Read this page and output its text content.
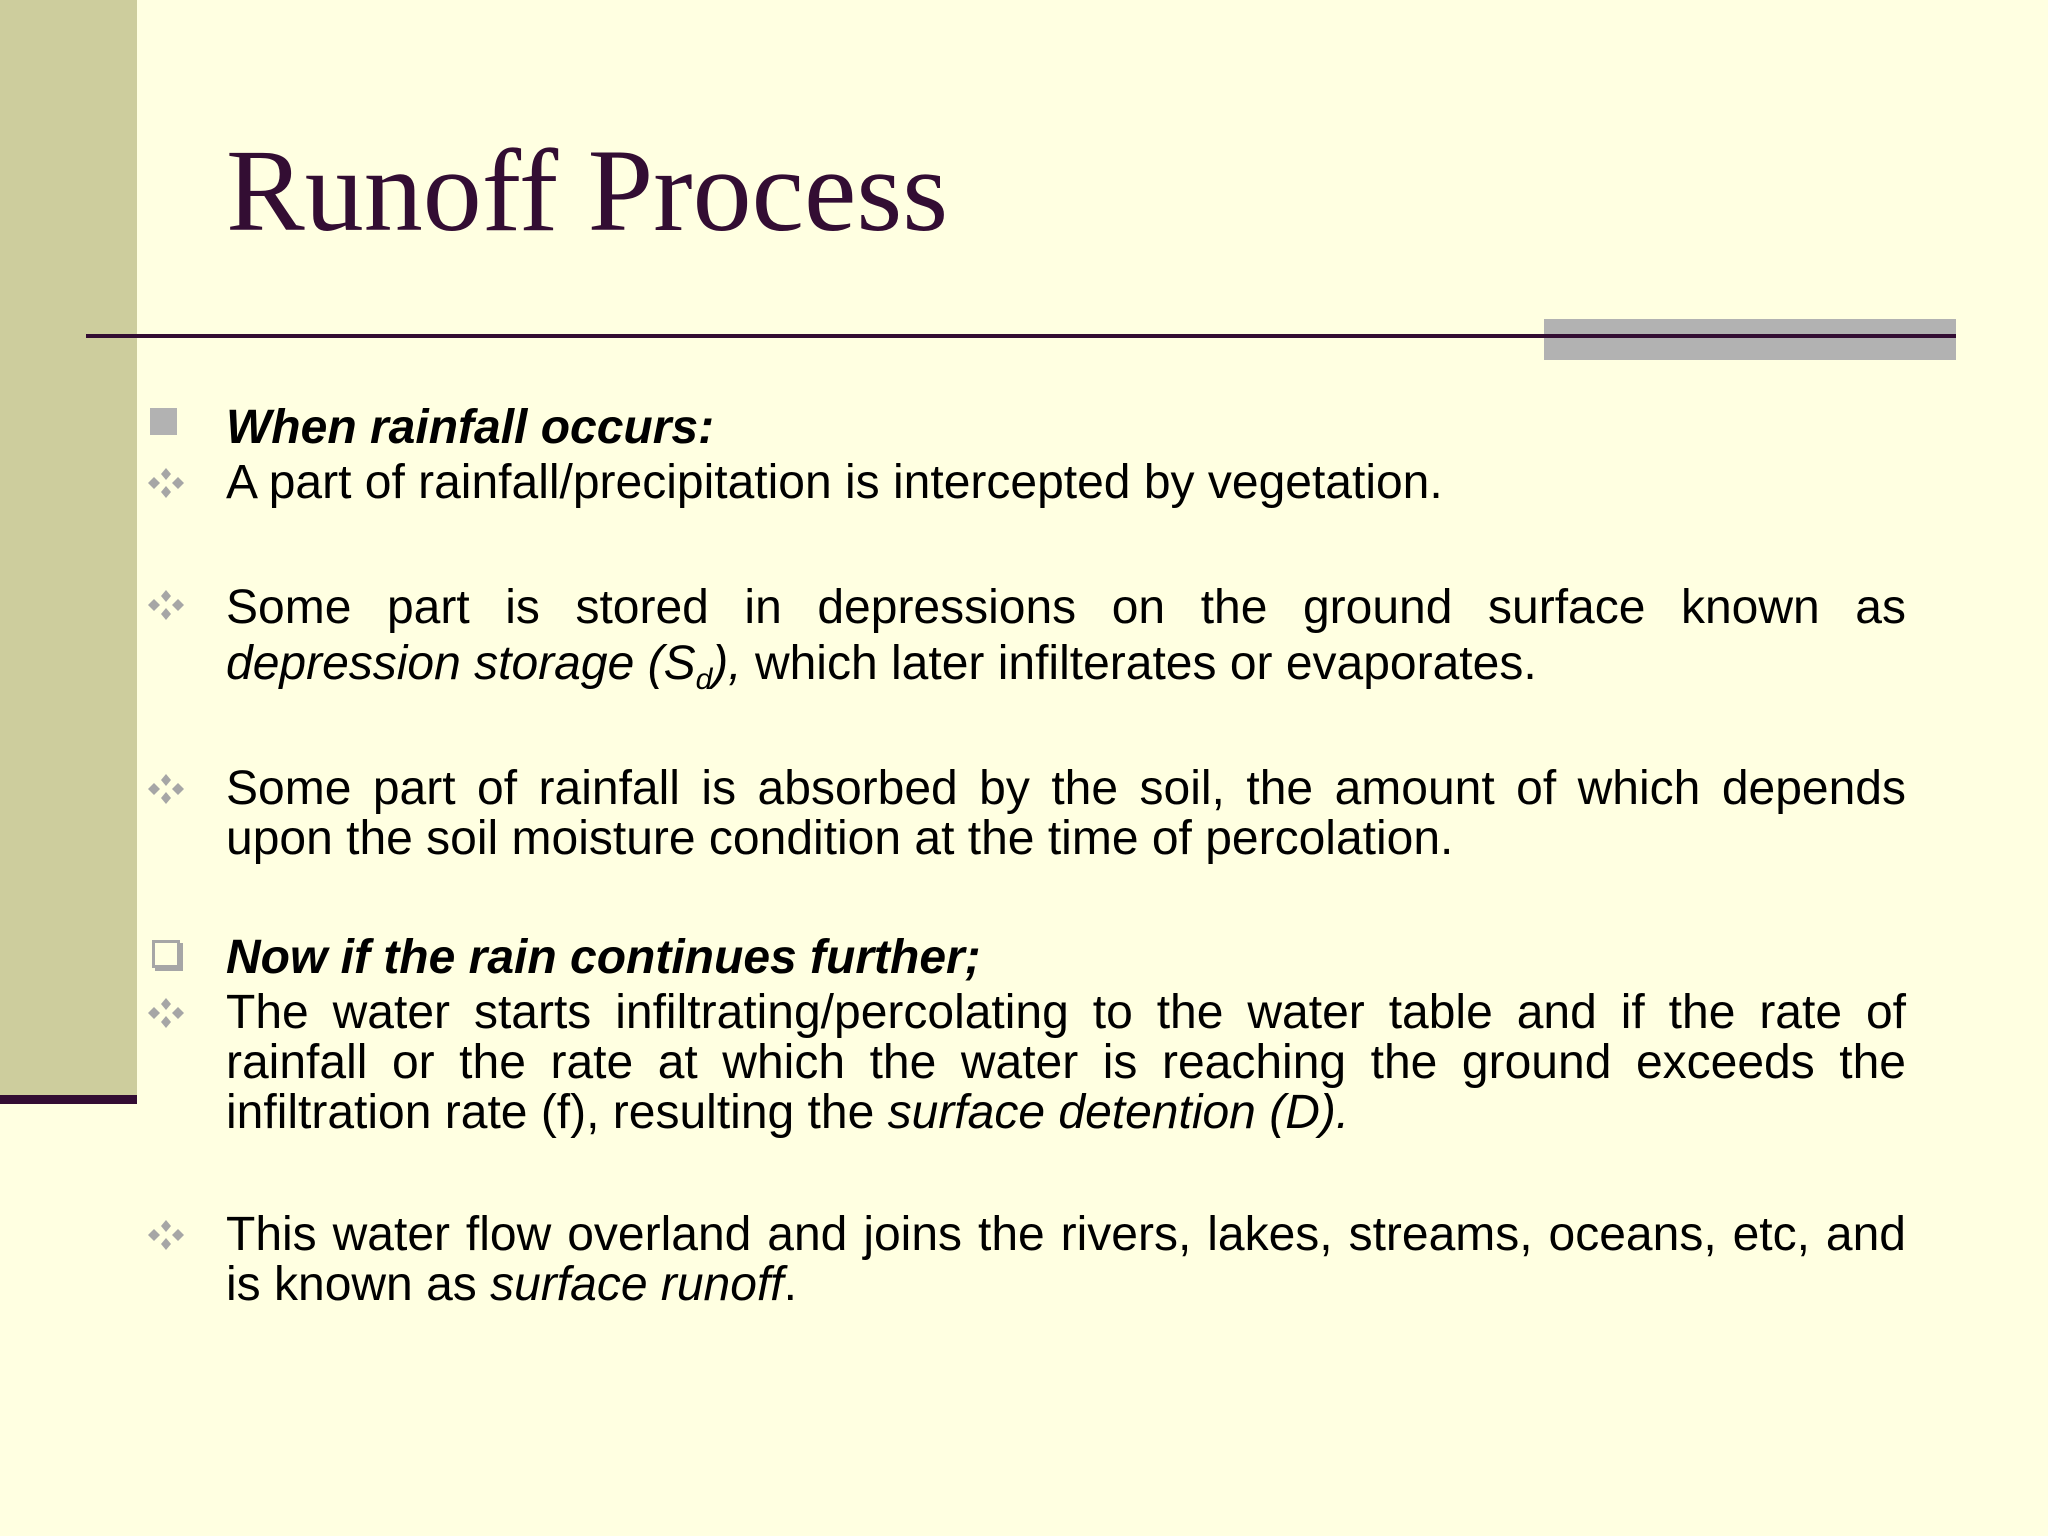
Runoff Process
When rainfall occurs:
A part of rainfall/precipitation is intercepted by vegetation.
Some part is stored in depressions on the ground surface known as depression storage $(S_d)$, which later infilterates or evaporates.
Some part of rainfall is absorbed by the soil, the amount of which depends upon the soil moisture condition at the time of percolation.
Now if the rain continues further;
The water starts infiltrating/percolating to the water table and if the rate of rainfall or the rate at which the water is reaching the ground exceeds the infiltration rate (f), resulting the surface detention (D).
This water flow overland and joins the rivers, lakes, streams, oceans, etc, and is known as surface runoff.
